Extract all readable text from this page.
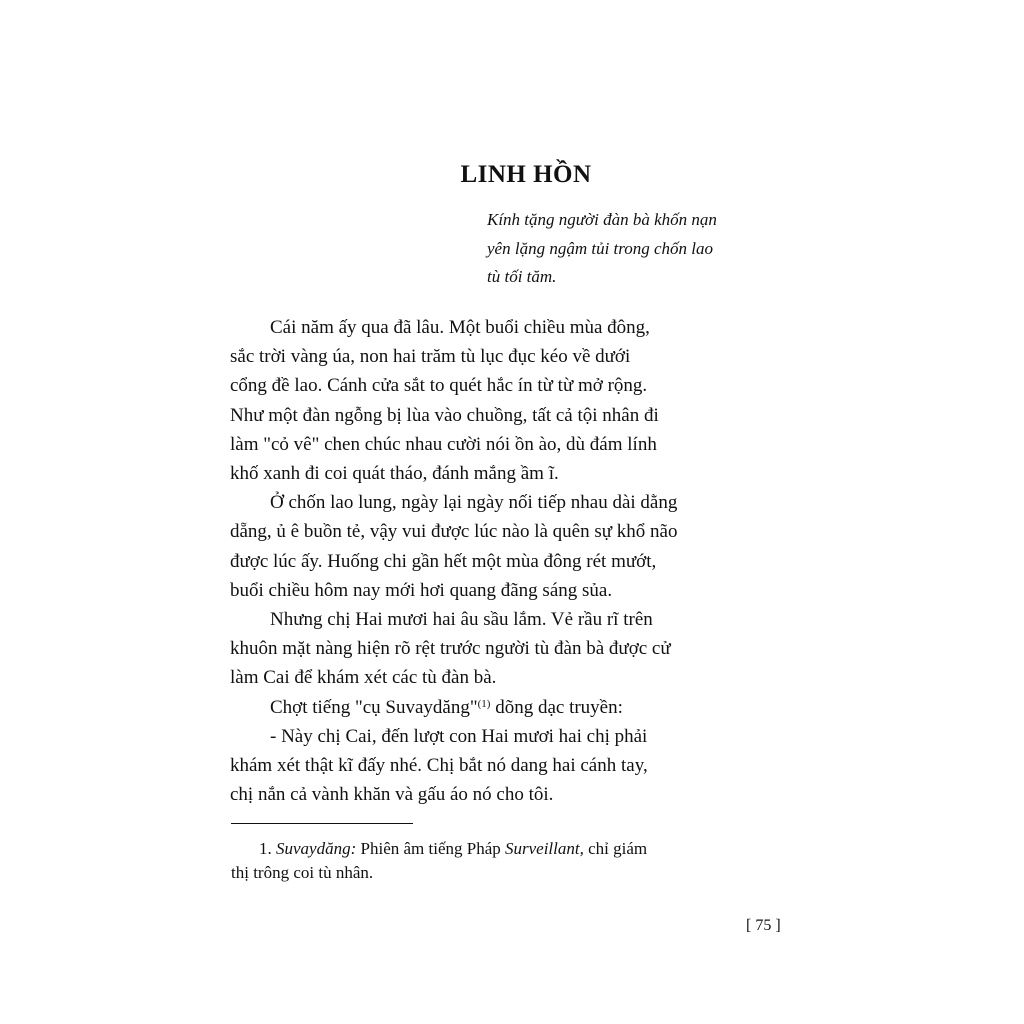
LINH HỒN
Kính tặng người đàn bà khốn nạn
yên lặng ngậm tủi trong chốn lao
tù tối tăm.
Cái năm ấy qua đã lâu. Một buổi chiều mùa đông,
sắc trời vàng úa, non hai trăm tù lục đục kéo về dưới
cổng đề lao. Cánh cửa sắt to quét hắc ín từ từ mở rộng.
Như một đàn ngỗng bị lùa vào chuồng, tất cả tội nhân đi
làm "cỏ vê" chen chúc nhau cười nói ồn ào, dù đám lính
khố xanh đi coi quát tháo, đánh mắng ầm ĩ.
Ở chốn lao lung, ngày lại ngày nối tiếp nhau dài dằng
dẵng, ủ ê buồn tẻ, vậy vui được lúc nào là quên sự khổ não
được lúc ấy. Huống chi gần hết một mùa đông rét mướt,
buổi chiều hôm nay mới hơi quang đãng sáng sủa.
Nhưng chị Hai mươi hai âu sầu lắm. Vẻ rầu rĩ trên
khuôn mặt nàng hiện rõ rệt trước người tù đàn bà được cử
làm Cai để khám xét các tù đàn bà.
Chợt tiếng "cụ Suvaydăng"$^{(1)}$ dõng dạc truyền:
- Này chị Cai, đến lượt con Hai mươi hai chị phải
khám xét thật kĩ đấy nhé. Chị bắt nó dang hai cánh tay,
chị nắn cả vành khăn và gấu áo nó cho tôi.
1. Suvaydăng: Phiên âm tiếng Pháp Surveillant, chỉ giám
thị trông coi tù nhân.
[ 75 ]
